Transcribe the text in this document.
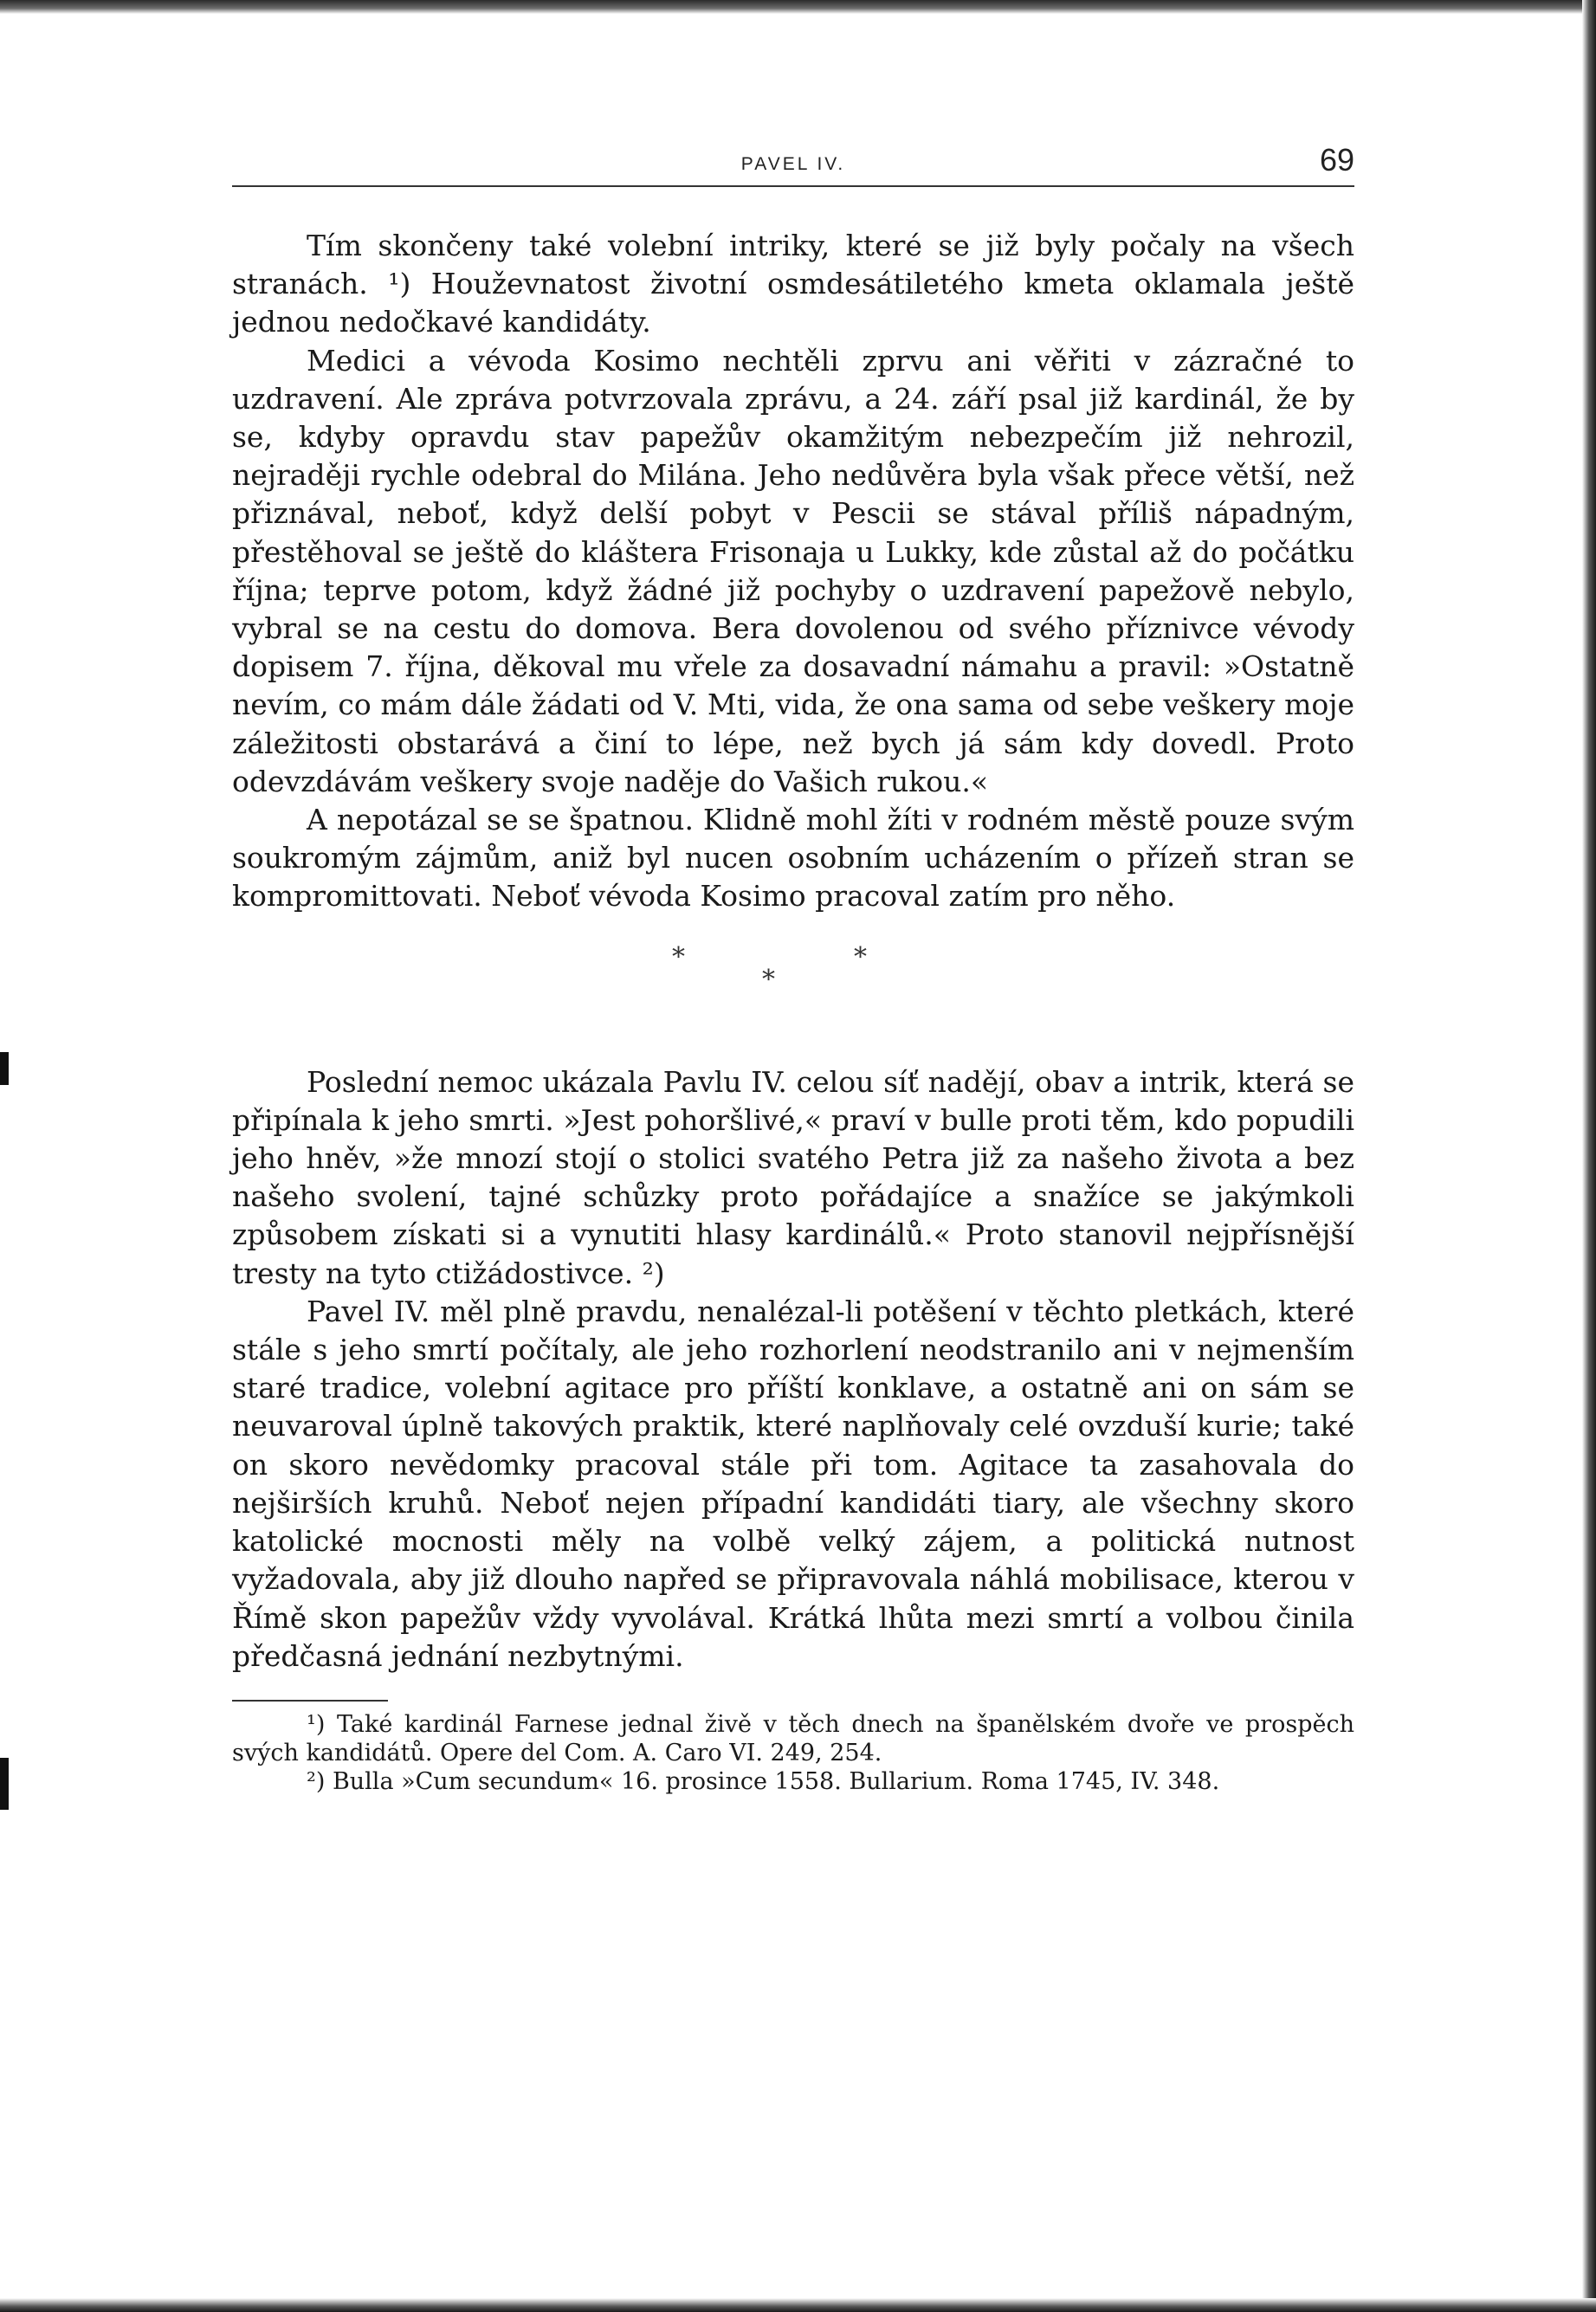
PAVEL IV.	69

Tím skončeny také volební intriky, které se již byly počaly na všech stranách. ¹) Houževnatost životní osmdesátiletého kmeta oklamala ještě jednou nedočkavé kandidáty.

Medici a vévoda Kosimo nechtěli zprvu ani věřiti v zázračné to uzdravení. Ale zpráva potvrzovala zprávu, a 24. září psal již kardinál, že by se, kdyby opravdu stav papežův okamžitým nebezpečím již nehrozil, nejraději rychle odebral do Milána. Jeho nedůvěra byla však přece větší, než přiznával, neboť, když delší pobyt v Pescii se stával příliš nápadným, přestěhoval se ještě do kláštera Frisonaja u Lukky, kde zůstal až do počátku října; teprve potom, když žádné již pochyby o uzdravení papežově nebylo, vybral se na cestu do domova. Bera dovolenou od svého příznivce vévody dopisem 7. října, děkoval mu vřele za dosavadní námahu a pravil: »Ostatně nevím, co mám dále žádati od V. Mti, vida, že ona sama od sebe veškery moje záležitosti obstarává a činí to lépe, než bych já sám kdy dovedl. Proto odevzdávám veškery svoje naděje do Vašich rukou.«

A nepotázal se se špatnou. Klidně mohl žíti v rodném městě pouze svým soukromým zájmům, aniž byl nucen osobním ucházením o přízeň stran se kompromittovati. Neboť vévoda Kosimo pracoval zatím pro něho.

*
*
*

Poslední nemoc ukázala Pavlu IV. celou síť nadějí, obav a intrik, která se připínala k jeho smrti. »Jest pohoršlivé,« praví v bulle proti těm, kdo popudili jeho hněv, »že mnozí stojí o stolici svatého Petra již za našeho života a bez našeho svolení, tajné schůzky proto pořádajíce a snažíce se jakýmkoli způsobem získati si a vynutiti hlasy kardinálů.« Proto stanovil nejpřísnější tresty na tyto ctižádostivce. ²)

Pavel IV. měl plně pravdu, nenalézal-li potěšení v těchto pletkách, které stále s jeho smrtí počítaly, ale jeho rozhorlení neodstranilo ani v nejmenším staré tradice, volební agitace pro příští konklave, a ostatně ani on sám se neuvaroval úplně takových praktik, které naplňovaly celé ovzduší kurie; také on skoro nevědomky pracoval stále při tom. Agitace ta zasahovala do nejširších kruhů. Neboť nejen případní kandidáti tiary, ale všechny skoro katolické mocnosti měly na volbě velký zájem, a politická nutnost vyžadovala, aby již dlouho napřed se připravovala náhlá mobilisace, kterou v Římě skon papežův vždy vyvolával. Krátká lhůta mezi smrtí a volbou činila předčasná jednání nezbytnými.

¹) Také kardinál Farnese jednal živě v těch dnech na španělském dvoře ve prospěch svých kandidátů. Opere del Com. A. Caro VI. 249, 254.

²) Bulla »Cum secundum« 16. prosince 1558. Bullarium. Roma 1745, IV. 348.
